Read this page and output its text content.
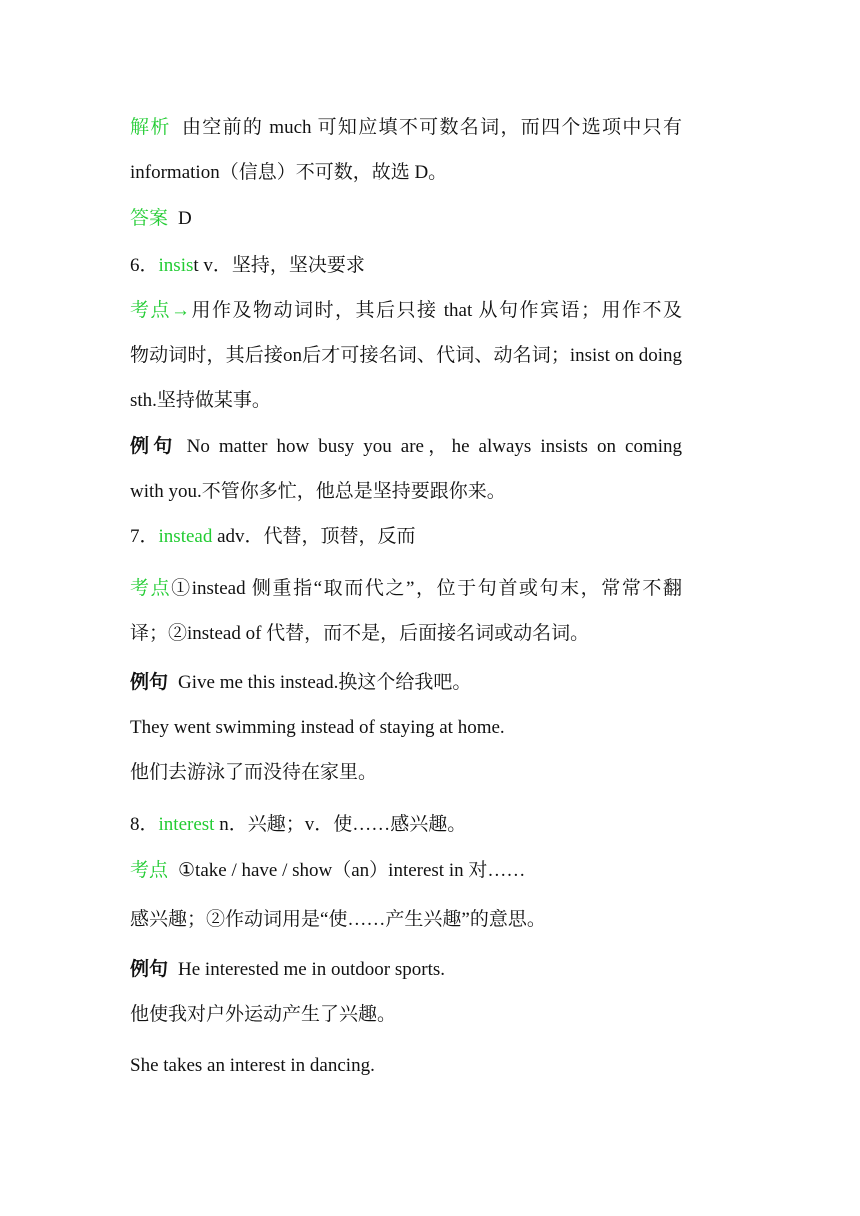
解析 由空前的 much 可知应填不可数名词，而四个选项中只有
information（信息）不可数，故选 D。
答案 D
6．insist v．坚持，坚决要求
考点→用作及物动词时，其后只接 that 从句作宾语；用作不及
物动词时，其后接on后才可接名词、代词、动名词；insist on doing
sth.坚持做某事。
例句 No matter how busy you are，he always insists on coming
with you.不管你多忙，他总是坚持要跟你来。
7．instead adv．代替，顶替，反而
考点①instead 侧重指“取而代之”，位于句首或句末，常常不翻
译；②instead of 代替，而不是，后面接名词或动名词。
例句 Give me this instead.换这个给我吧。
They went swimming instead of staying at home.
他们去游泳了而没待在家里。
8．interest n．兴趣；v．使……感兴趣。
考点 ①take / have / show（an）interest in 对……
感兴趣；②作动词用是“使……产生兴趣”的意思。
例句 He interested me in outdoor sports.
他使我对户外运动产生了兴趣。
She takes an interest in dancing.
